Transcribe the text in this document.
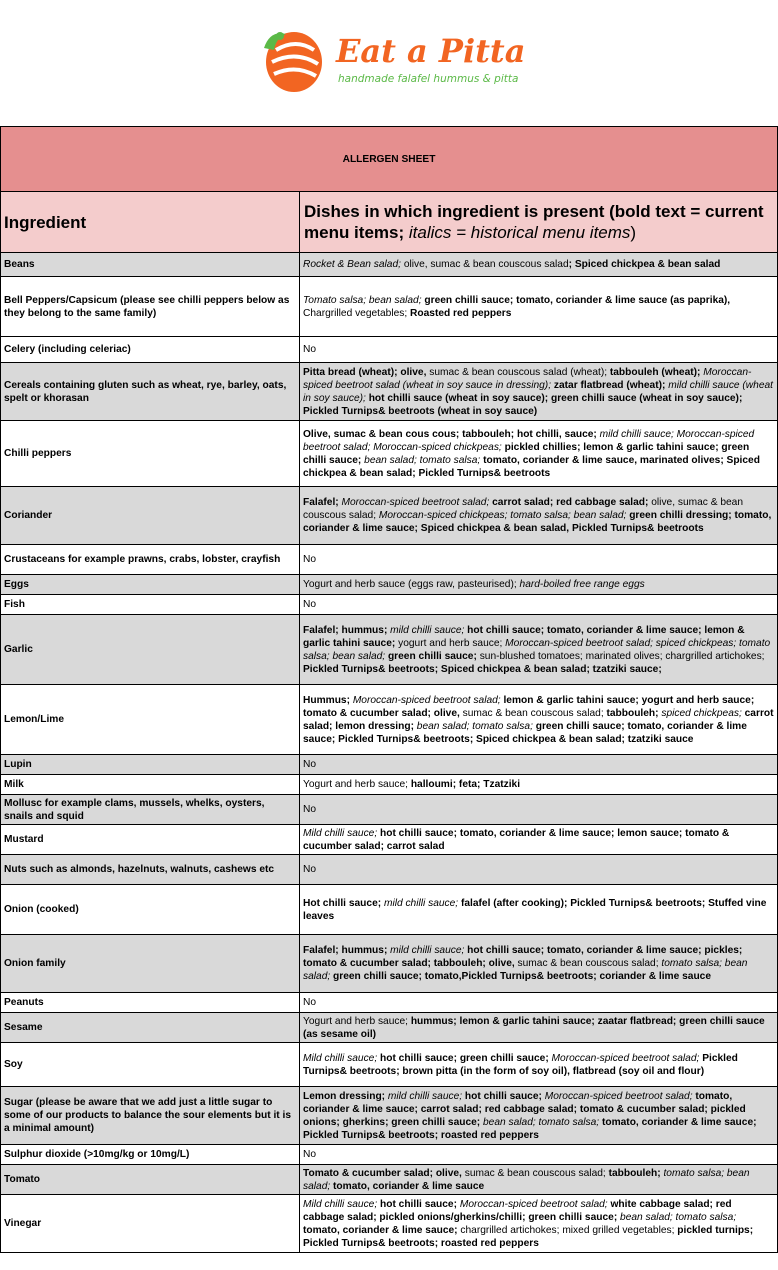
Eat a Pitta
handmade falafel hummus & pitta
ALLERGEN SHEET	
Ingredient	Dishes in which ingredient is present (bold text = current menu items; italics = historical menu items)
Beans	Rocket & Bean salad; olive, sumac & bean couscous salad; Spiced chickpea & bean salad
Bell Peppers/Capsicum (please see chilli peppers below as they belong to the same family)	Tomato salsa; bean salad; green chilli sauce; tomato, coriander & lime sauce (as paprika), Chargrilled vegetables; Roasted red peppers
Celery (including celeriac)	No
Cereals containing gluten such as wheat, rye, barley, oats, spelt or khorasan	Pitta bread (wheat); olive, sumac & bean couscous salad (wheat); tabbouleh (wheat); Moroccan-spiced beetroot salad (wheat in soy sauce in dressing); zatar flatbread (wheat); mild chilli sauce (wheat in soy sauce); hot chilli sauce (wheat in soy sauce); green chilli sauce (wheat in soy sauce); Pickled Turnips& beetroots (wheat in soy sauce)
Chilli peppers	Olive, sumac & bean cous cous; tabbouleh; hot chilli, sauce; mild chilli sauce; Moroccan-spiced beetroot salad; Moroccan-spiced chickpeas; pickled chillies; lemon & garlic tahini sauce; green chilli sauce; bean salad; tomato salsa; tomato, coriander & lime sauce, marinated olives; Spiced chickpea & bean salad; Pickled Turnips& beetroots
Coriander	Falafel; Moroccan-spiced beetroot salad; carrot salad; red cabbage salad; olive, sumac & bean couscous salad; Moroccan-spiced chickpeas; tomato salsa; bean salad; green chilli dressing; tomato, coriander & lime sauce; Spiced chickpea & bean salad, Pickled Turnips& beetroots
Crustaceans for example prawns, crabs, lobster, crayfish	No
Eggs	Yogurt and herb sauce (eggs raw, pasteurised); hard-boiled free range eggs
Fish	No
Garlic	Falafel; hummus; mild chilli sauce; hot chilli sauce; tomato, coriander & lime sauce; lemon & garlic tahini sauce; yogurt and herb sauce; Moroccan-spiced beetroot salad; spiced chickpeas; tomato salsa; bean salad; green chilli sauce; sun-blushed tomatoes; marinated olives; chargrilled artichokes; Pickled Turnips& beetroots; Spiced chickpea & bean salad; tzatziki sauce;
Lemon/Lime	Hummus; Moroccan-spiced beetroot salad; lemon & garlic tahini sauce; yogurt and herb sauce; tomato & cucumber salad; olive, sumac & bean couscous salad; tabbouleh; spiced chickpeas; carrot salad; lemon dressing; bean salad; tomato salsa; green chilli sauce; tomato, coriander & lime sauce; Pickled Turnips& beetroots; Spiced chickpea & bean salad; tzatziki sauce
Lupin	No
Milk	Yogurt and herb sauce; halloumi; feta; Tzatziki
Mollusc for example clams, mussels, whelks, oysters, snails and squid	No
Mustard	Mild chilli sauce; hot chilli sauce; tomato, coriander & lime sauce; lemon sauce; tomato & cucumber salad; carrot salad
Nuts such as almonds, hazelnuts, walnuts, cashews etc	No
Onion (cooked)	Hot chilli sauce; mild chilli sauce; falafel (after cooking); Pickled Turnips& beetroots; Stuffed vine leaves
Onion family	Falafel; hummus; mild chilli sauce; hot chilli sauce; tomato, coriander & lime sauce; pickles; tomato & cucumber salad; tabbouleh; olive, sumac & bean couscous salad; tomato salsa; bean salad; green chilli sauce; tomato,Pickled Turnips& beetroots; coriander & lime sauce
Peanuts	No
Sesame	Yogurt and herb sauce; hummus; lemon & garlic tahini sauce; zaatar flatbread; green chilli sauce (as sesame oil)
Soy	Mild chilli sauce; hot chilli sauce; green chilli sauce; Moroccan-spiced beetroot salad; Pickled Turnips& beetroots; brown pitta (in the form of soy oil), flatbread (soy oil and flour)
Sugar (please be aware that we add just a little sugar to some of our products to balance the sour elements but it is a minimal amount)	Lemon dressing; mild chilli sauce; hot chilli sauce; Moroccan-spiced beetroot salad; tomato, coriander & lime sauce; carrot salad; red cabbage salad; tomato & cucumber salad; pickled onions; gherkins; green chilli sauce; bean salad; tomato salsa; tomato, coriander & lime sauce; Pickled Turnips& beetroots; roasted red peppers
Sulphur dioxide (>10mg/kg or 10mg/L)	No
Tomato	Tomato & cucumber salad; olive, sumac & bean couscous salad; tabbouleh; tomato salsa; bean salad; tomato, coriander & lime sauce
Vinegar	Mild chilli sauce; hot chilli sauce; Moroccan-spiced beetroot salad; white cabbage salad; red cabbage salad; pickled onions/gherkins/chilli; green chilli sauce; bean salad; tomato salsa; tomato, coriander & lime sauce; chargrilled artichokes; mixed grilled vegetables; pickled turnips; Pickled Turnips& beetroots; roasted red peppers
